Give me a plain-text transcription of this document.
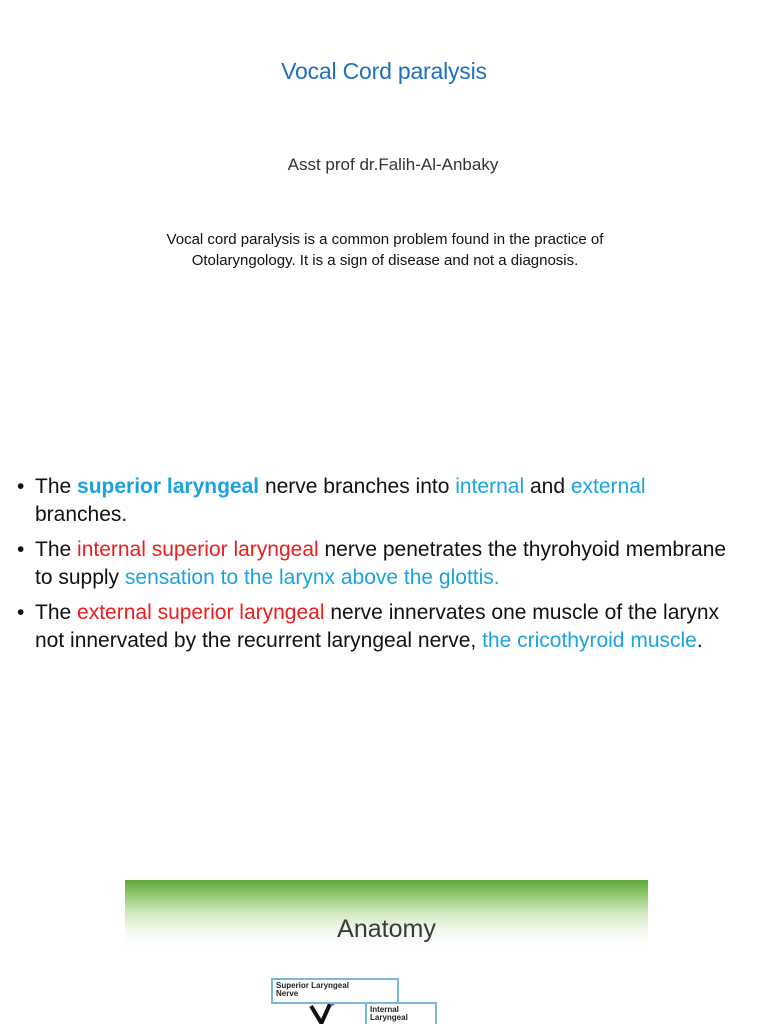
Vocal Cord paralysis
Asst prof dr.Falih-Al-Anbaky
Vocal cord paralysis is a common problem found in the practice of
Otolaryngology. It is a sign of disease and not a diagnosis.
• The superior laryngeal nerve branches into internal and external branches.
• The internal superior laryngeal nerve penetrates the thyrohyoid membrane to supply sensation to the larynx above the glottis.
• The external superior laryngeal nerve innervates one muscle of the larynx not innervated by the recurrent laryngeal nerve, the cricothyroid muscle.
Anatomy
Superior Laryngeal
Nerve
Internal
Laryngeal
